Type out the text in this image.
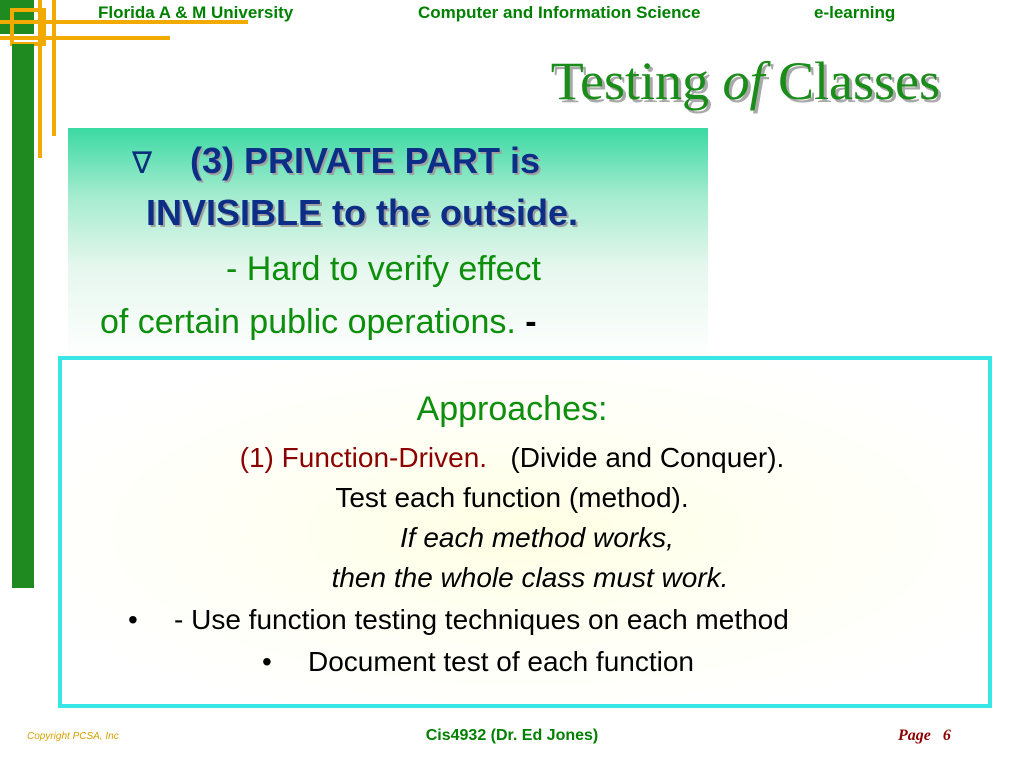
Florida A & M University	Computer and Information Science	e-learning
Testing of Classes
∇ (3) PRIVATE PART is
INVISIBLE to the outside.
- Hard to verify effect
of certain public operations. -
Approaches:
(1) Function-Driven. (Divide and Conquer).
Test each function (method).
If each method works,
then the whole class must work.
• - Use function testing techniques on each method
• Document test of each function
Copyright PCSA, Inc	Cis4932 (Dr. Ed Jones)	Page 6
